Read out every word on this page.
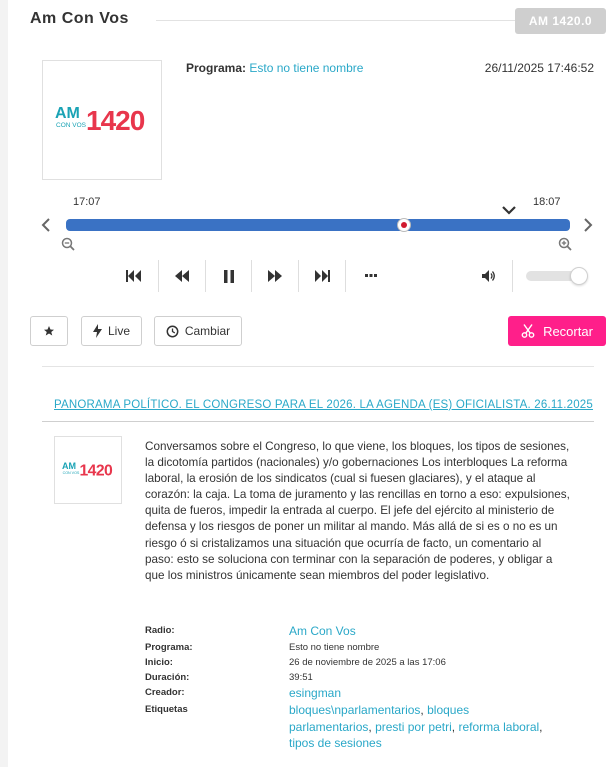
Am Con Vos	AM 1420.0
AM
CON VOS 1420
Programa: Esto no tiene nombre	26/11/2025 17:46:52
17:07	18:07
Live	Cambiar	Recortar
PANORAMA POLÍTICO. EL CONGRESO PARA EL 2026. LA AGENDA (ES) OFICIALISTA. 26.11.2025
AM
CON VOS 1420
Conversamos sobre el Congreso, lo que viene, los bloques, los tipos de sesiones, la dicotomía partidos (nacionales) y/o gobernaciones Los interbloques La reforma laboral, la erosión de los sindicatos (cual si fuesen glaciares), y el ataque al corazón: la caja. La toma de juramento y las rencillas en torno a eso: expulsiones, quita de fueros, impedir la entrada al cuerpo. El jefe del ejército al ministerio de defensa y los riesgos de poner un militar al mando. Más allá de si es o no es un riesgo ó si cristalizamos una situación que ocurría de facto, un comentario al paso: esto se soluciona con terminar con la separación de poderes, y obligar a que los ministros únicamente sean miembros del poder legislativo.
Radio:	Am Con Vos
Programa:	Esto no tiene nombre
Inicio:	26 de noviembre de 2025 a las 17:06
Duración:	39:51
Creador:	esingman
Etiquetas	bloques\nparlamentarios, bloques parlamentarios, presti por petri, reforma laboral, tipos de sesiones
